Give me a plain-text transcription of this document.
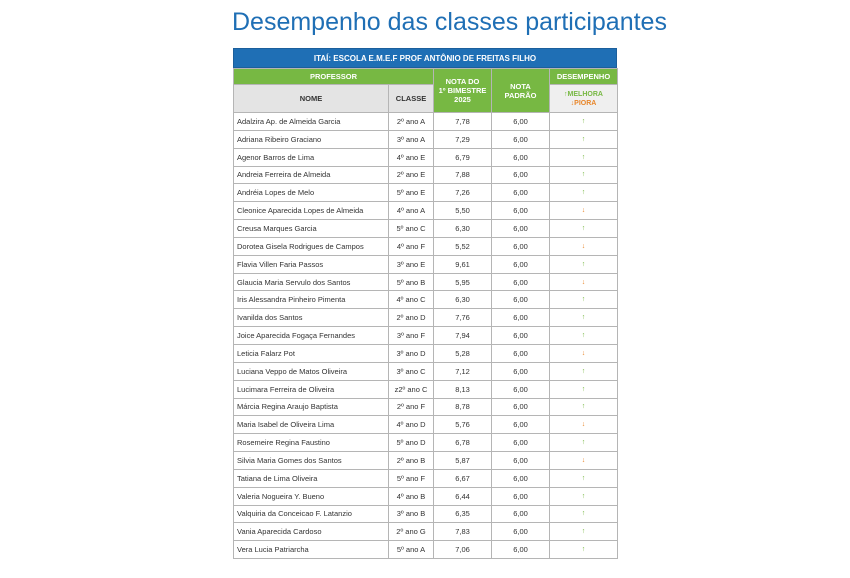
Desempenho das classes participantes
ITAÍ: ESCOLA E.M.E.F PROF ANTÔNIO DE FREITAS FILHO
PROFESSOR		NOTA DO
1º BIMESTRE
2025	NOTA
PADRÃO	DESEMPENHO
NOME	CLASSE			↑MELHORA
↓PIORA

Adalzira Ap. de Almeida Garcia	2º ano A	7,78	6,00	↑
Adriana Ribeiro Graciano	3º ano A	7,29	6,00	↑
Agenor Barros de Lima	4º ano E	6,79	6,00	↑
Andreia Ferreira de Almeida	2º ano E	7,88	6,00	↑
Andréia Lopes de Melo	5º ano E	7,26	6,00	↑
Cleonice Aparecida Lopes de Almeida	4º ano A	5,50	6,00	↓
Creusa Marques Garcia	5º ano C	6,30	6,00	↑
Dorotea Gisela Rodrigues de Campos	4º ano F	5,52	6,00	↓
Flavia Villen Faria Passos	3º ano E	9,61	6,00	↑
Glaucia Maria Servulo dos Santos	5º ano B	5,95	6,00	↓
Iris Alessandra Pinheiro Pimenta	4º ano C	6,30	6,00	↑
Ivanilda dos Santos	2º ano D	7,76	6,00	↑
Joice Aparecida Fogaça Fernandes	3º ano F	7,94	6,00	↑
Leticia Falarz Pot	3º ano D	5,28	6,00	↓
Luciana Veppo de Matos Oliveira	3º ano C	7,12	6,00	↑
Lucimara Ferreira de Oliveira	z2º ano C	8,13	6,00	↑
Márcia Regina Araujo Baptista	2º ano F	8,78	6,00	↑
Maria Isabel de Oliveira Lima	4º ano D	5,76	6,00	↓
Rosemeire Regina Faustino	5º ano D	6,78	6,00	↑
Silvia Maria Gomes dos Santos	2º ano B	5,87	6,00	↓
Tatiana de Lima Oliveira	5º ano F	6,67	6,00	↑
Valeria Nogueira Y. Bueno	4º ano B	6,44	6,00	↑
Valquiria da Conceicao F. Latanzio	3º ano B	6,35	6,00	↑
Vania Aparecida Cardoso	2º ano G	7,83	6,00	↑
Vera Lucia Patriarcha	5º ano A	7,06	6,00	↑
